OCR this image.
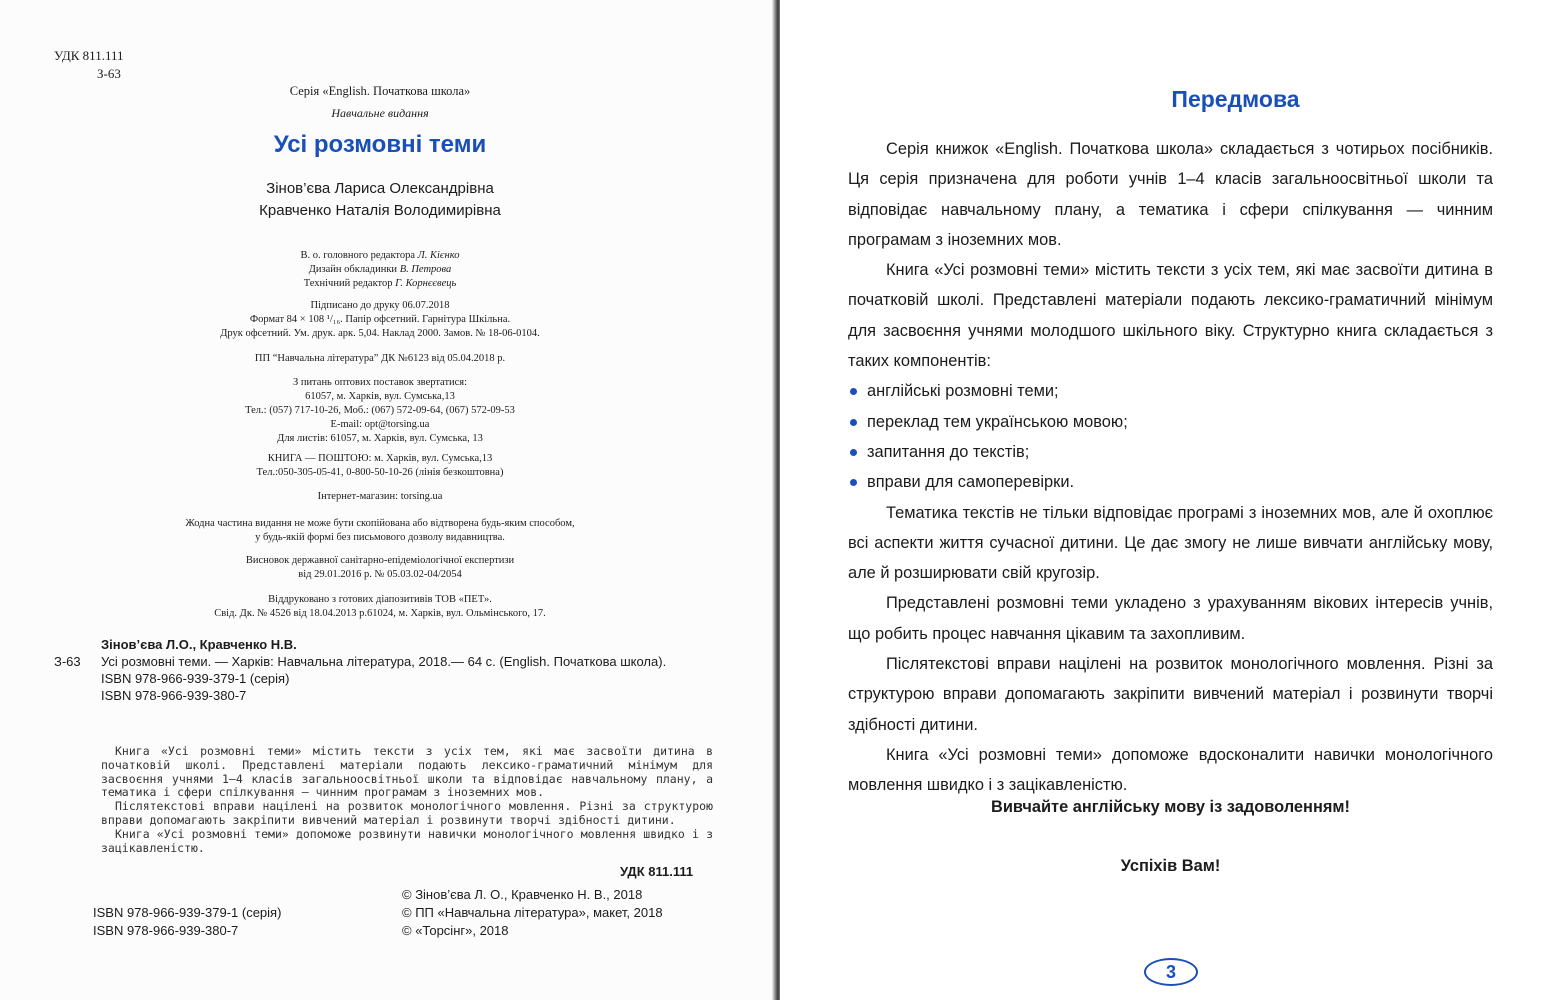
УДК 811.111
З-63
Серія «English. Початкова школа»
Навчальне видання
Усі розмовні теми
Зінов’єва Лариса Олександрівна
Кравченко Наталія Володимирівна
В. о. головного редактора Л. Кієнко
Дизайн обкладинки В. Петрова
Технічний редактор Г. Корнєєвець
Підписано до друку 06.07.2018
Формат 84 × 108 ¹/₁₆. Папір офсетний. Гарнітура Шкільна.
Друк офсетний. Ум. друк. арк. 5,04. Наклад 2000. Замов. № 18-06-0104.
ПП “Навчальна література” ДК №6123 від 05.04.2018 р.
З питань оптових поставок звертатися:
61057, м. Харків, вул. Сумська,13
Тел.: (057) 717-10-26, Моб.: (067) 572-09-64, (067) 572-09-53
E-mail: opt@torsing.ua
Для листів: 61057, м. Харків, вул. Сумська, 13
КНИГА — ПОШТОЮ: м. Харків, вул. Сумська,13
Тел.:050-305-05-41, 0-800-50-10-26 (лінія безкоштовна)
Інтернет-магазин: torsing.ua
Жодна частина видання не може бути скопійована або відтворена будь-яким способом,
у будь-якій формі без письмового дозволу видавництва.
Висновок державної санітарно-епідеміологічної експертизи
від 29.01.2016 р. № 05.03.02-04/2054
Віддруковано з готових діапозитивів ТОВ «ПЕТ».
Свід. Дк. № 4526 від 18.04.2013 р.61024, м. Харків, вул. Ольмінського, 17.
Зінов’єва Л.О., Кравченко Н.В.
З-63 Усі розмовні теми. — Харків: Навчальна література, 2018.— 64 с. (English. Початкова школа).
ISBN 978-966-939-379-1 (серія)
ISBN 978-966-939-380-7

Книга «Усі розмовні теми» містить тексти з усіх тем, які має засвоїти дитина в початковій школі. Представлені матеріали подають лексико-граматичний мінімум для засвоєння учнями 1–4 класів загальноосвітньої школи та відповідає навчальному плану, а тематика і сфери спілкування — чинним програмам з іноземних мов.

Післятекстові вправи націлені на розвиток монологічного мовлення. Різні за структурою вправи допомагають закріпити вивчений матеріал і розвинути творчі здібності дитини.

Книга «Усі розмовні теми» допоможе розвинути навички монологічного мовлення швидко і з зацікавленістю.

УДК 811.111
© Зінов’єва Л. О., Кравченко Н. В., 2018
© ПП «Навчальна література», макет, 2018
© «Торсінг», 2018
ISBN 978-966-939-379-1 (серія)
ISBN 978-966-939-380-7
Передмова

Серія книжок «English. Початкова школа» складається з чотирьох посібників. Ця серія призначена для роботи учнів 1–4 класів загальноосвітньої школи та відповідає навчальному плану, а тематика і сфери спілкування — чинним програмам з іноземних мов.

Книга «Усі розмовні теми» містить тексти з усіх тем, які має засвоїти дитина в початковій школі. Представлені матеріали подають лексико-граматичний мінімум для засвоєння учнями молодшого шкільного віку. Структурно книга складається з таких компонентів:

англійські розмовні теми;
переклад тем українською мовою;
запитання до текстів;
вправи для самоперевірки.

Тематика текстів не тільки відповідає програмі з іноземних мов, але й охоплює всі аспекти життя сучасної дитини. Це дає змогу не лише вивчати англійську мову, але й розширювати свій кругозір.

Представлені розмовні теми укладено з урахуванням вікових інтересів учнів, що робить процес навчання цікавим та захопливим.

Післятекстові вправи націлені на розвиток монологічного мовлення. Різні за структурою вправи допомагають закріпити вивчений матеріал і розвинути творчі здібності дитини.

Книга «Усі розмовні теми» допоможе вдосконалити навички монологічного мовлення швидко і з зацікавленістю.

Вивчайте англійську мову із задоволенням!
Успіхів Вам!
3
